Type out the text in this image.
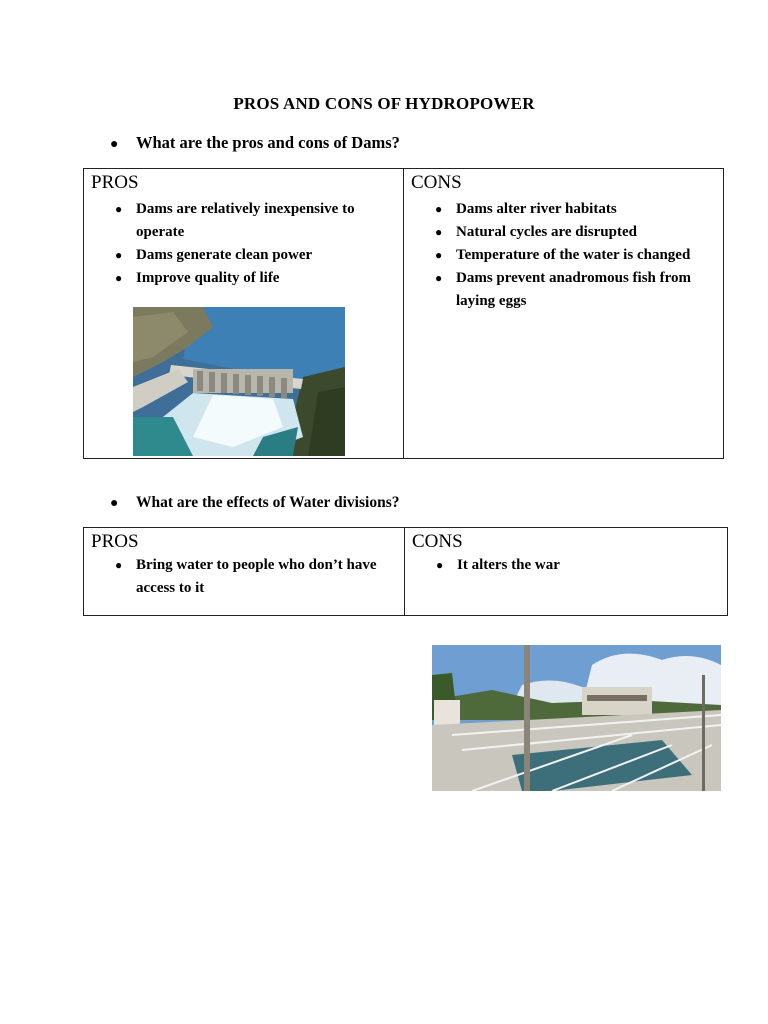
PROS AND CONS OF HYDROPOWER
●	What are the pros and cons of Dams?
PROS
● Dams are relatively inexpensive to operate
● Dams generate clean power
● Improve quality of life

CONS
● Dams alter river habitats
● Natural cycles are disrupted
● Temperature of the water is changed
● Dams prevent anadromous fish from laying eggs
●	What are the effects of Water divisions?
PROS
● Bring water to people who don’t have access to it

CONS
● It alters the war
